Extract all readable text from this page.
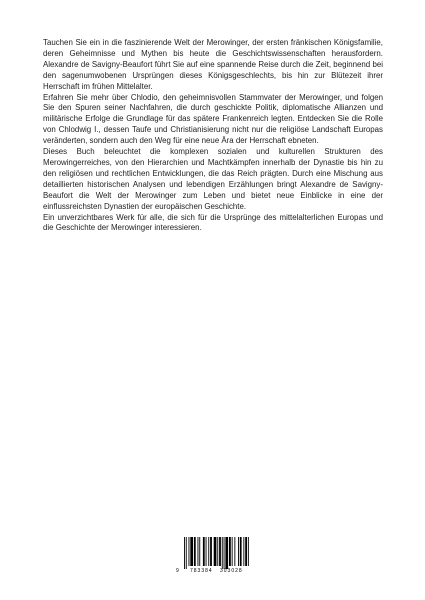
Tauchen Sie ein in die faszinierende Welt der Merowinger, der ersten fränkischen Königsfamilie, deren Geheimnisse und Mythen bis heute die Geschichtswissenschaften herausfordern. Alexandre de Savigny-Beaufort führt Sie auf eine spannende Reise durch die Zeit, beginnend bei den sagenumwobenen Ursprüngen dieses Königsgeschlechts, bis hin zur Blütezeit ihrer Herrschaft im frühen Mittelalter.

Erfahren Sie mehr über Chlodio, den geheimnisvollen Stammvater der Merowinger, und folgen Sie den Spuren seiner Nachfahren, die durch geschickte Politik, diplomatische Allianzen und militärische Erfolge die Grundlage für das spätere Frankenreich legten. Entdecken Sie die Rolle von Chlodwig I., dessen Taufe und Christianisierung nicht nur die religiöse Landschaft Europas veränderten, sondern auch den Weg für eine neue Ära der Herrschaft ebneten.

Dieses Buch beleuchtet die komplexen sozialen und kulturellen Strukturen des Merowingerreiches, von den Hierarchien und Machtkämpfen innerhalb der Dynastie bis hin zu den religiösen und rechtlichen Entwicklungen, die das Reich prägten. Durch eine Mischung aus detaillierten historischen Analysen und lebendigen Erzählungen bringt Alexandre de Savigny-Beaufort die Welt der Merowinger zum Leben und bietet neue Einblicke in eine der einflussreichsten Dynastien der europäischen Geschichte.

Ein unverzichtbares Werk für alle, die sich für die Ursprünge des mittelalterlichen Europas und die Geschichte der Merowinger interessieren.

9 783384 303028
